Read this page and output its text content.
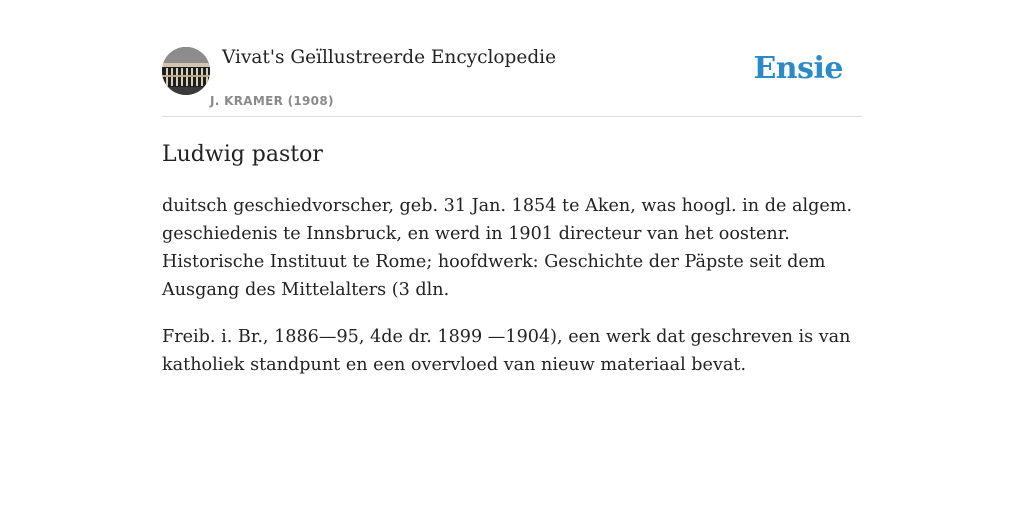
Vivat's Geïllustreerde Encyclopedie
J. KRAMER (1908)
Ensie
Ludwig pastor

duitsch geschiedvorscher, geb. 31 Jan. 1854 te Aken, was hoogl. in de algem. geschiedenis te Innsbruck, en werd in 1901 directeur van het oostenr. Historische Instituut te Rome; hoofdwerk: Geschichte der Päpste seit dem Ausgang des Mittelalters (3 dln.

Freib. i. Br., 1886—95, 4de dr. 1899 —1904), een werk dat geschreven is van katholiek standpunt en een overvloed van nieuw materiaal bevat.
